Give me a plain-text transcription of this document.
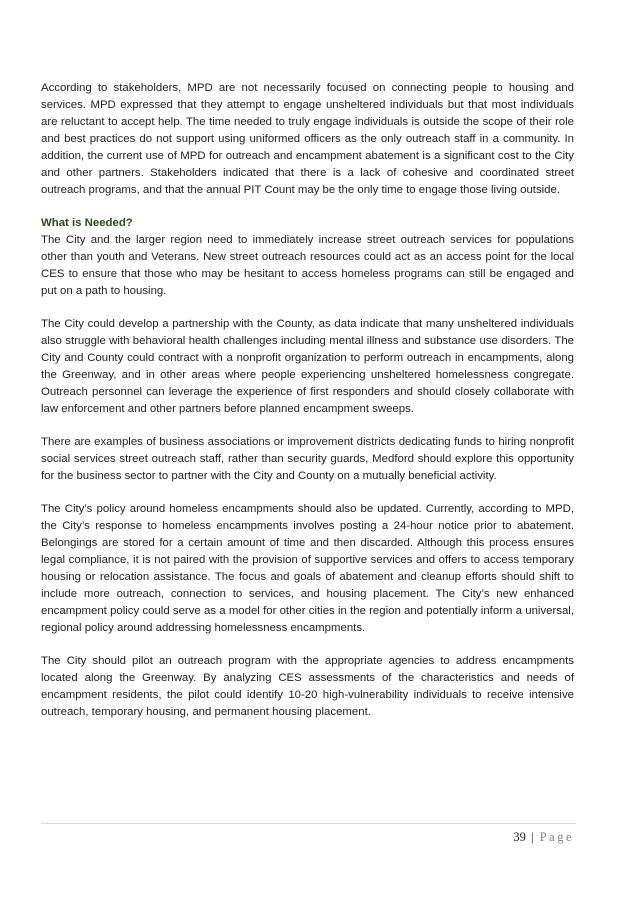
According to stakeholders, MPD are not necessarily focused on connecting people to housing and services. MPD expressed that they attempt to engage unsheltered individuals but that most individuals are reluctant to accept help. The time needed to truly engage individuals is outside the scope of their role and best practices do not support using uniformed officers as the only outreach staff in a community. In addition, the current use of MPD for outreach and encampment abatement is a significant cost to the City and other partners. Stakeholders indicated that there is a lack of cohesive and coordinated street outreach programs, and that the annual PIT Count may be the only time to engage those living outside.

What is Needed?

The City and the larger region need to immediately increase street outreach services for populations other than youth and Veterans. New street outreach resources could act as an access point for the local CES to ensure that those who may be hesitant to access homeless programs can still be engaged and put on a path to housing.

The City could develop a partnership with the County, as data indicate that many unsheltered individuals also struggle with behavioral health challenges including mental illness and substance use disorders. The City and County could contract with a nonprofit organization to perform outreach in encampments, along the Greenway, and in other areas where people experiencing unsheltered homelessness congregate. Outreach personnel can leverage the experience of first responders and should closely collaborate with law enforcement and other partners before planned encampment sweeps.

There are examples of business associations or improvement districts dedicating funds to hiring nonprofit social services street outreach staff, rather than security guards, Medford should explore this opportunity for the business sector to partner with the City and County on a mutually beneficial activity.

The City’s policy around homeless encampments should also be updated. Currently, according to MPD, the City’s response to homeless encampments involves posting a 24-hour notice prior to abatement. Belongings are stored for a certain amount of time and then discarded. Although this process ensures legal compliance, it is not paired with the provision of supportive services and offers to access temporary housing or relocation assistance. The focus and goals of abatement and cleanup efforts should shift to include more outreach, connection to services, and housing placement. The City’s new enhanced encampment policy could serve as a model for other cities in the region and potentially inform a universal, regional policy around addressing homelessness encampments.

The City should pilot an outreach program with the appropriate agencies to address encampments located along the Greenway. By analyzing CES assessments of the characteristics and needs of encampment residents, the pilot could identify 10-20 high-vulnerability individuals to receive intensive outreach, temporary housing, and permanent housing placement.

39 | Page
